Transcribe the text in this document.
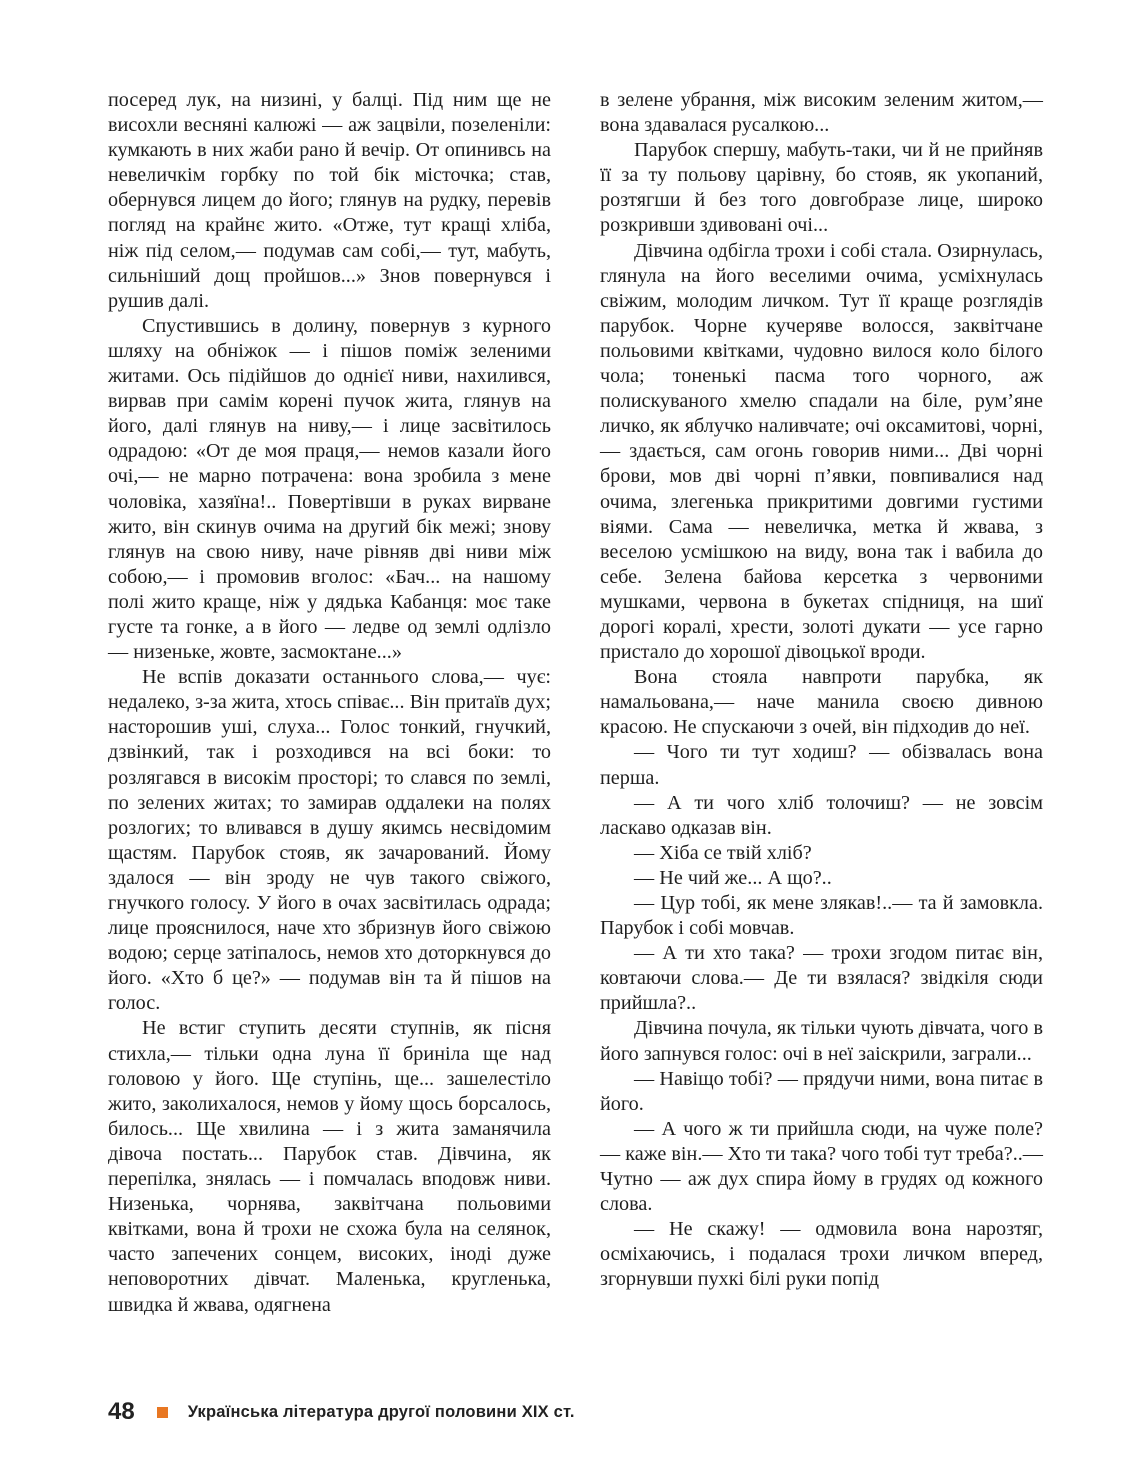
посеред лук, на низині, у балці. Під ним ще не висохли весняні калюжі — аж зацвіли, позеленіли: кумкають в них жаби рано й вечір. От опинивсь на невеличкім горбку по той бік місточка; став, обернувся лицем до його; глянув на рудку, перевів погляд на крайнє жито. «Отже, тут кращі хліба, ніж під селом,— подумав сам собі,— тут, мабуть, сильніший дощ пройшов...» Знов повернувся і рушив далі.

Спустившись в долину, повернув з курного шляху на обніжок — і пішов поміж зеленими житами. Ось підійшов до однієї ниви, нахилився, вирвав при самім корені пучок жита, глянув на його, далі глянув на ниву,— і лице засвітилось одрадою: «От де моя праця,— немов казали його очі,— не марно потрачена: вона зробила з мене чоловіка, хазяїна!.. Повертівши в руках вирване жито, він скинув очима на другий бік межі; знову глянув на свою ниву, наче рівняв дві ниви між собою,— і промовив вголос: «Бач... на нашому полі жито краще, ніж у дядька Кабанця: моє таке густе та гонке, а в його — ледве од землі одлізло — низеньке, жовте, засмоктане...»

Не вспів доказати останнього слова,— чує: недалеко, з-за жита, хтось співає... Він притаїв дух; насторошив уші, слуха... Голос тонкий, гнучкий, дзвінкий, так і розходився на всі боки: то розлягався в високім просторі; то слався по землі, по зелених житах; то замирав оддалеки на полях розлогих; то вливався в душу якимсь несвідомим щастям. Парубок стояв, як зачарований. Йому здалося — він зроду не чув такого свіжого, гнучкого голосу. У його в очах засвітилась одрада; лице прояснилося, наче хто збризнув його свіжою водою; серце затіпалось, немов хто доторкнувся до його. «Хто б це?» — подумав він та й пішов на голос.

Не встиг ступить десяти ступнів, як пісня стихла,— тільки одна луна її бриніла ще над головою у його. Ще ступінь, ще... зашелестіло жито, заколихалося, немов у йому щось борсалось, билось... Ще хвилина — і з жита заманячила дівоча постать... Парубок став. Дівчина, як перепілка, знялась — і помчалась вподовж ниви. Низенька, чорнява, заквітчана польовими квітками, вона й трохи не схожа була на селянок, часто запечених сонцем, високих, іноді дуже неповоротних дівчат. Маленька, кругленька, швидка й жвава, одягнена

в зелене убрання, між високим зеленим житом,— вона здавалася русалкою...

Парубок спершу, мабуть-таки, чи й не прийняв її за ту польову царівну, бо стояв, як укопаний, розтягши й без того довгобразе лице, широко розкривши здивовані очі...

Дівчина одбігла трохи і собі стала. Озирнулась, глянула на його веселими очима, усміхнулась свіжим, молодим личком. Тут її краще розглядів парубок. Чорне кучеряве волосся, заквітчане польовими квітками, чудовно вилося коло білого чола; тоненькі пасма того чорного, аж полискуваного хмелю спадали на біле, рум’яне личко, як яблучко наливчате; очі оксамитові, чорні,— здається, сам огонь говорив ними... Дві чорні брови, мов дві чорні п’явки, повпивалися над очима, злегенька прикритими довгими густими віями. Сама — невеличка, метка й жвава, з веселою усмішкою на виду, вона так і вабила до себе. Зелена байова керсетка з червоними мушками, червона в букетах спідниця, на шиї дорогі коралі, хрести, золоті дукати — усе гарно пристало до хорошої дівоцької вроди.

Вона стояла навпроти парубка, як намальована,— наче манила своєю дивною красою. Не спускаючи з очей, він підходив до неї.

— Чого ти тут ходиш? — обізвалась вона перша.

— А ти чого хліб толочиш? — не зовсім ласкаво одказав він.

— Хіба се твій хліб?

— Не чий же... А що?..

— Цур тобі, як мене злякав!..— та й замовкла. Парубок і собі мовчав.

— А ти хто така? — трохи згодом питає він, ковтаючи слова.— Де ти взялася? звідкіля сюди прийшла?..

Дівчина почула, як тільки чують дівчата, чого в його запнувся голос: очі в неї заіскрили, заграли...

— Навіщо тобі? — прядучи ними, вона питає в його.

— А чого ж ти прийшла сюди, на чуже поле? — каже він.— Хто ти така? чого тобі тут треба?..— Чутно — аж дух спира йому в грудях од кожного слова.

— Не скажу! — одмовила вона нарозтяг, осміхаючись, і подалася трохи личком вперед, згорнувши пухкі білі руки попід

48	Українська література другої половини XIX ст.
